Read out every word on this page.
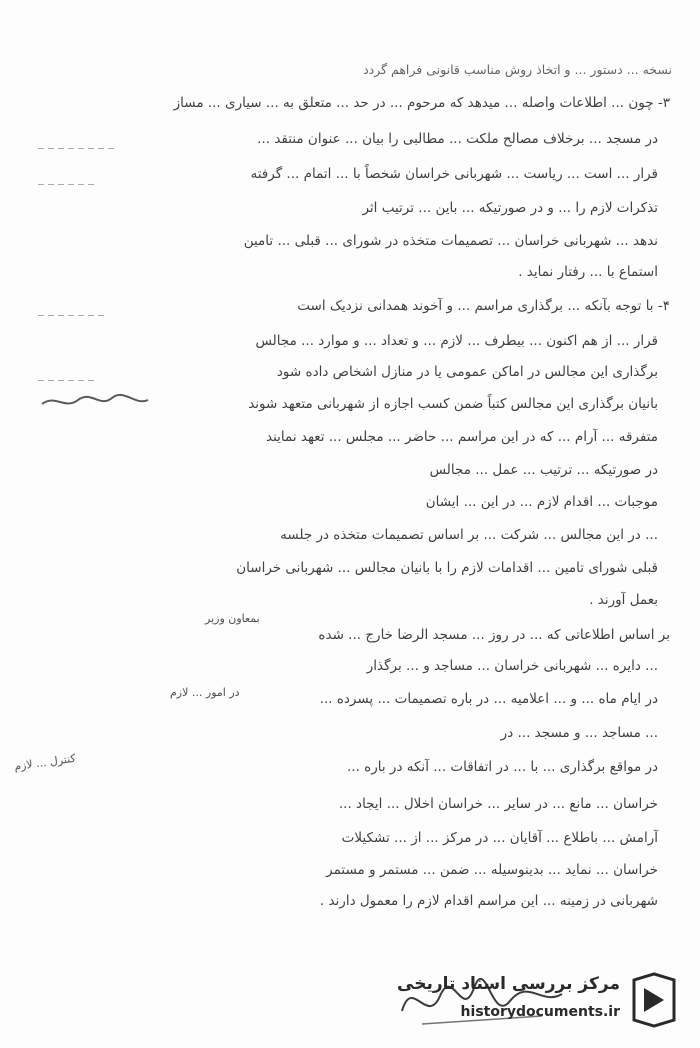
نسخه ... دستور ... و اتخاذ روش مناسب قانونی فراهم گردد
۳- چون ... اطلاعات واصله ... میدهد که مرحوم ... در حد ... متعلق به ... سیاری ... مساز
در مسجد ... برخلاف مصالح ملکت ... مطالبی را بیان ... عنوان منتقد ...
قرار ... است ... ریاست ... شهربانی خراسان شخصاً با ... اتمام ... گرفته
تذکرات لازم را ... و در صورتیکه ... باین ... ترتیب اثر
ندهد ... شهربانی خراسان ... تصمیمات متخذه در شورای ... قبلی ... تامین
استماع با ... رفتار نماید .
۴- با توجه بآنکه ... برگذاری مراسم ... و آخوند همدانی نزدیک است
قرار ... از هم اکنون ... بیطرف ... لازم ... و تعداد ... و موارد ... مجالس
برگذاری این مجالس در اماکن عمومی یا در منازل اشخاص داده شود
بانیان برگذاری این مجالس کتباً ضمن کسب اجازه از شهربانی متعهد شوند
متفرقه ... آرام ... که در این مراسم ... حاضر ... مجلس ... تعهد نمایند
در صورتیکه ... ترتیب ... عمل ... مجالس
موجبات ... اقدام لازم ... در این ... ایشان
... در این مجالس ... شرکت ... بر اساس تصمیمات متخذه در جلسه
قبلی شورای تامین ... اقدامات لازم را با بانیان مجالس ... شهربانی خراسان
بعمل آورند .
بر اساس اطلاعاتی که ... در روز ... مسجد الرضا خارج ... شده
... دایره ... شهربانی خراسان ... مساجد و ... برگذار
در ایام ماه ... و ... اعلامیه ... در باره تصمیمات ... پسرده ...
... مساجد ... و مسجد ... در
در مواقع برگذاری ... با ... در اتفاقات ... آنکه در باره ...
خراسان ... مانع ... در سایر ... خراسان اخلال ... ایجاد ...
آرامش ... باطلاع ... آقایان ... در مرکز ... از ... تشکیلات
خراسان ... نماید ... بدینوسیله ... ضمن ... مستمر و مستمر
شهربانی در زمینه ... این مراسم اقدام لازم را معمول دارند .
بمعاون وزیر
کنترل ... لازم
در امور ... لازم
مرکز بررسی اسناد تاریخی
historydocuments.ir
